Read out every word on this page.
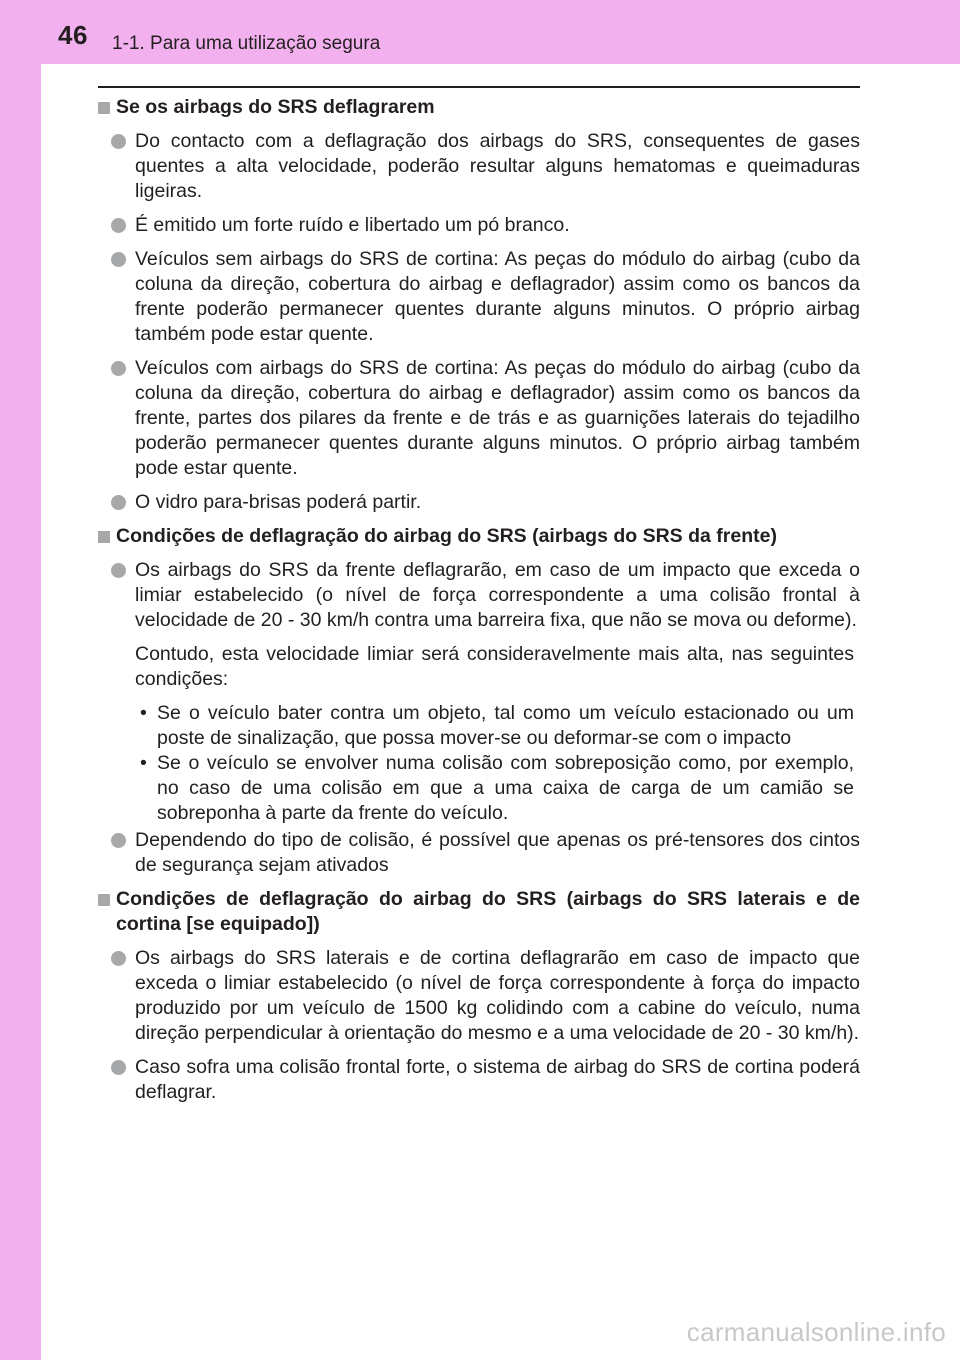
46 1-1. Para uma utilização segura
Se os airbags do SRS deflagrarem
Do contacto com a deflagração dos airbags do SRS, consequentes de gases quentes a alta velocidade, poderão resultar alguns hematomas e queimaduras ligeiras.
É emitido um forte ruído e libertado um pó branco.
Veículos sem airbags do SRS de cortina: As peças do módulo do airbag (cubo da coluna da direção, cobertura do airbag e deflagrador) assim como os bancos da frente poderão permanecer quentes durante alguns minutos. O próprio airbag também pode estar quente.
Veículos com airbags do SRS de cortina: As peças do módulo do airbag (cubo da coluna da direção, cobertura do airbag e deflagrador) assim como os bancos da frente, partes dos pilares da frente e de trás e as guarnições laterais do tejadilho poderão permanecer quentes durante alguns minutos. O próprio airbag também pode estar quente.
O vidro para-brisas poderá partir.
Condições de deflagração do airbag do SRS (airbags do SRS da frente)
Os airbags do SRS da frente deflagrarão, em caso de um impacto que exceda o limiar estabelecido (o nível de força correspondente a uma colisão frontal à velocidade de 20 - 30 km/h contra uma barreira fixa, que não se mova ou deforme).
Contudo, esta velocidade limiar será consideravelmente mais alta, nas seguintes condições:
• Se o veículo bater contra um objeto, tal como um veículo estacionado ou um poste de sinalização, que possa mover-se ou deformar-se com o impacto
• Se o veículo se envolver numa colisão com sobreposição como, por exemplo, no caso de uma colisão em que a uma caixa de carga de um camião se sobreponha à parte da frente do veículo.
Dependendo do tipo de colisão, é possível que apenas os pré-tensores dos cintos de segurança sejam ativados
Condições de deflagração do airbag do SRS (airbags do SRS laterais e de cortina [se equipado])
Os airbags do SRS laterais e de cortina deflagrarão em caso de impacto que exceda o limiar estabelecido (o nível de força correspondente à força do impacto produzido por um veículo de 1500 kg colidindo com a cabine do veículo, numa direção perpendicular à orientação do mesmo e a uma velocidade de 20 - 30 km/h).
Caso sofra uma colisão frontal forte, o sistema de airbag do SRS de cortina poderá deflagrar.
carmanualsonline.info
